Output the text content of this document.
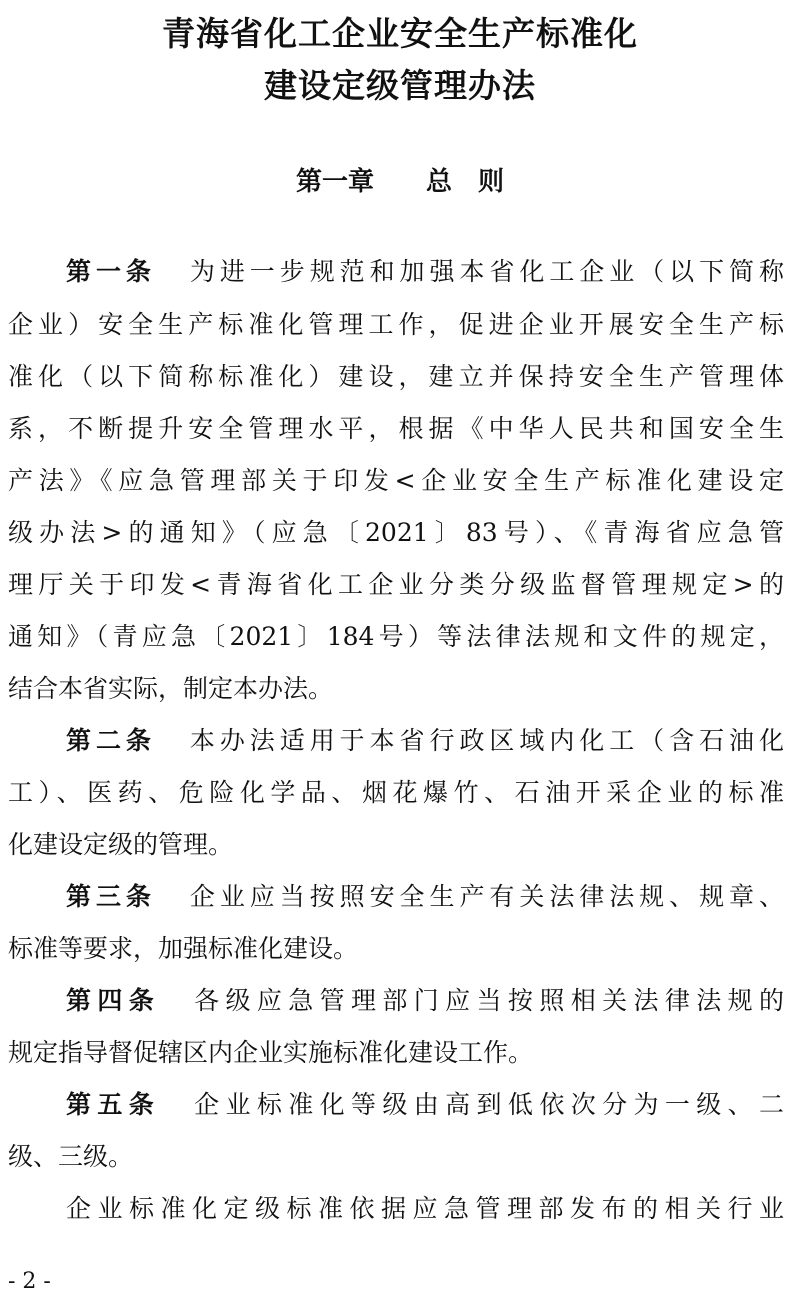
青海省化工企业安全生产标准化
建设定级管理办法
第一章　　总　则
第一条 为进一步规范和加强本省化工企业（以下简称
企业）安全生产标准化管理工作，促进企业开展安全生产标
准化（以下简称标准化）建设，建立并保持安全生产管理体
系，不断提升安全管理水平，根据《中华人民共和国安全生
产法》《应急管理部关于印发<企业安全生产标准化建设定
级办法>的通知》（应急〔2021〕83号）、《青海省应急管
理厅关于印发<青海省化工企业分类分级监督管理规定>的
通知》（青应急〔2021〕184号）等法律法规和文件的规定，
结合本省实际，制定本办法。
第二条 本办法适用于本省行政区域内化工（含石油化
工）、医药、危险化学品、烟花爆竹、石油开采企业的标准
化建设定级的管理。
第三条 企业应当按照安全生产有关法律法规、规章、
标准等要求，加强标准化建设。
第四条 各级应急管理部门应当按照相关法律法规的
规定指导督促辖区内企业实施标准化建设工作。
第五条 企业标准化等级由高到低依次分为一级、二
级、三级。
企业标准化定级标准依据应急管理部发布的相关行业
- 2 -
